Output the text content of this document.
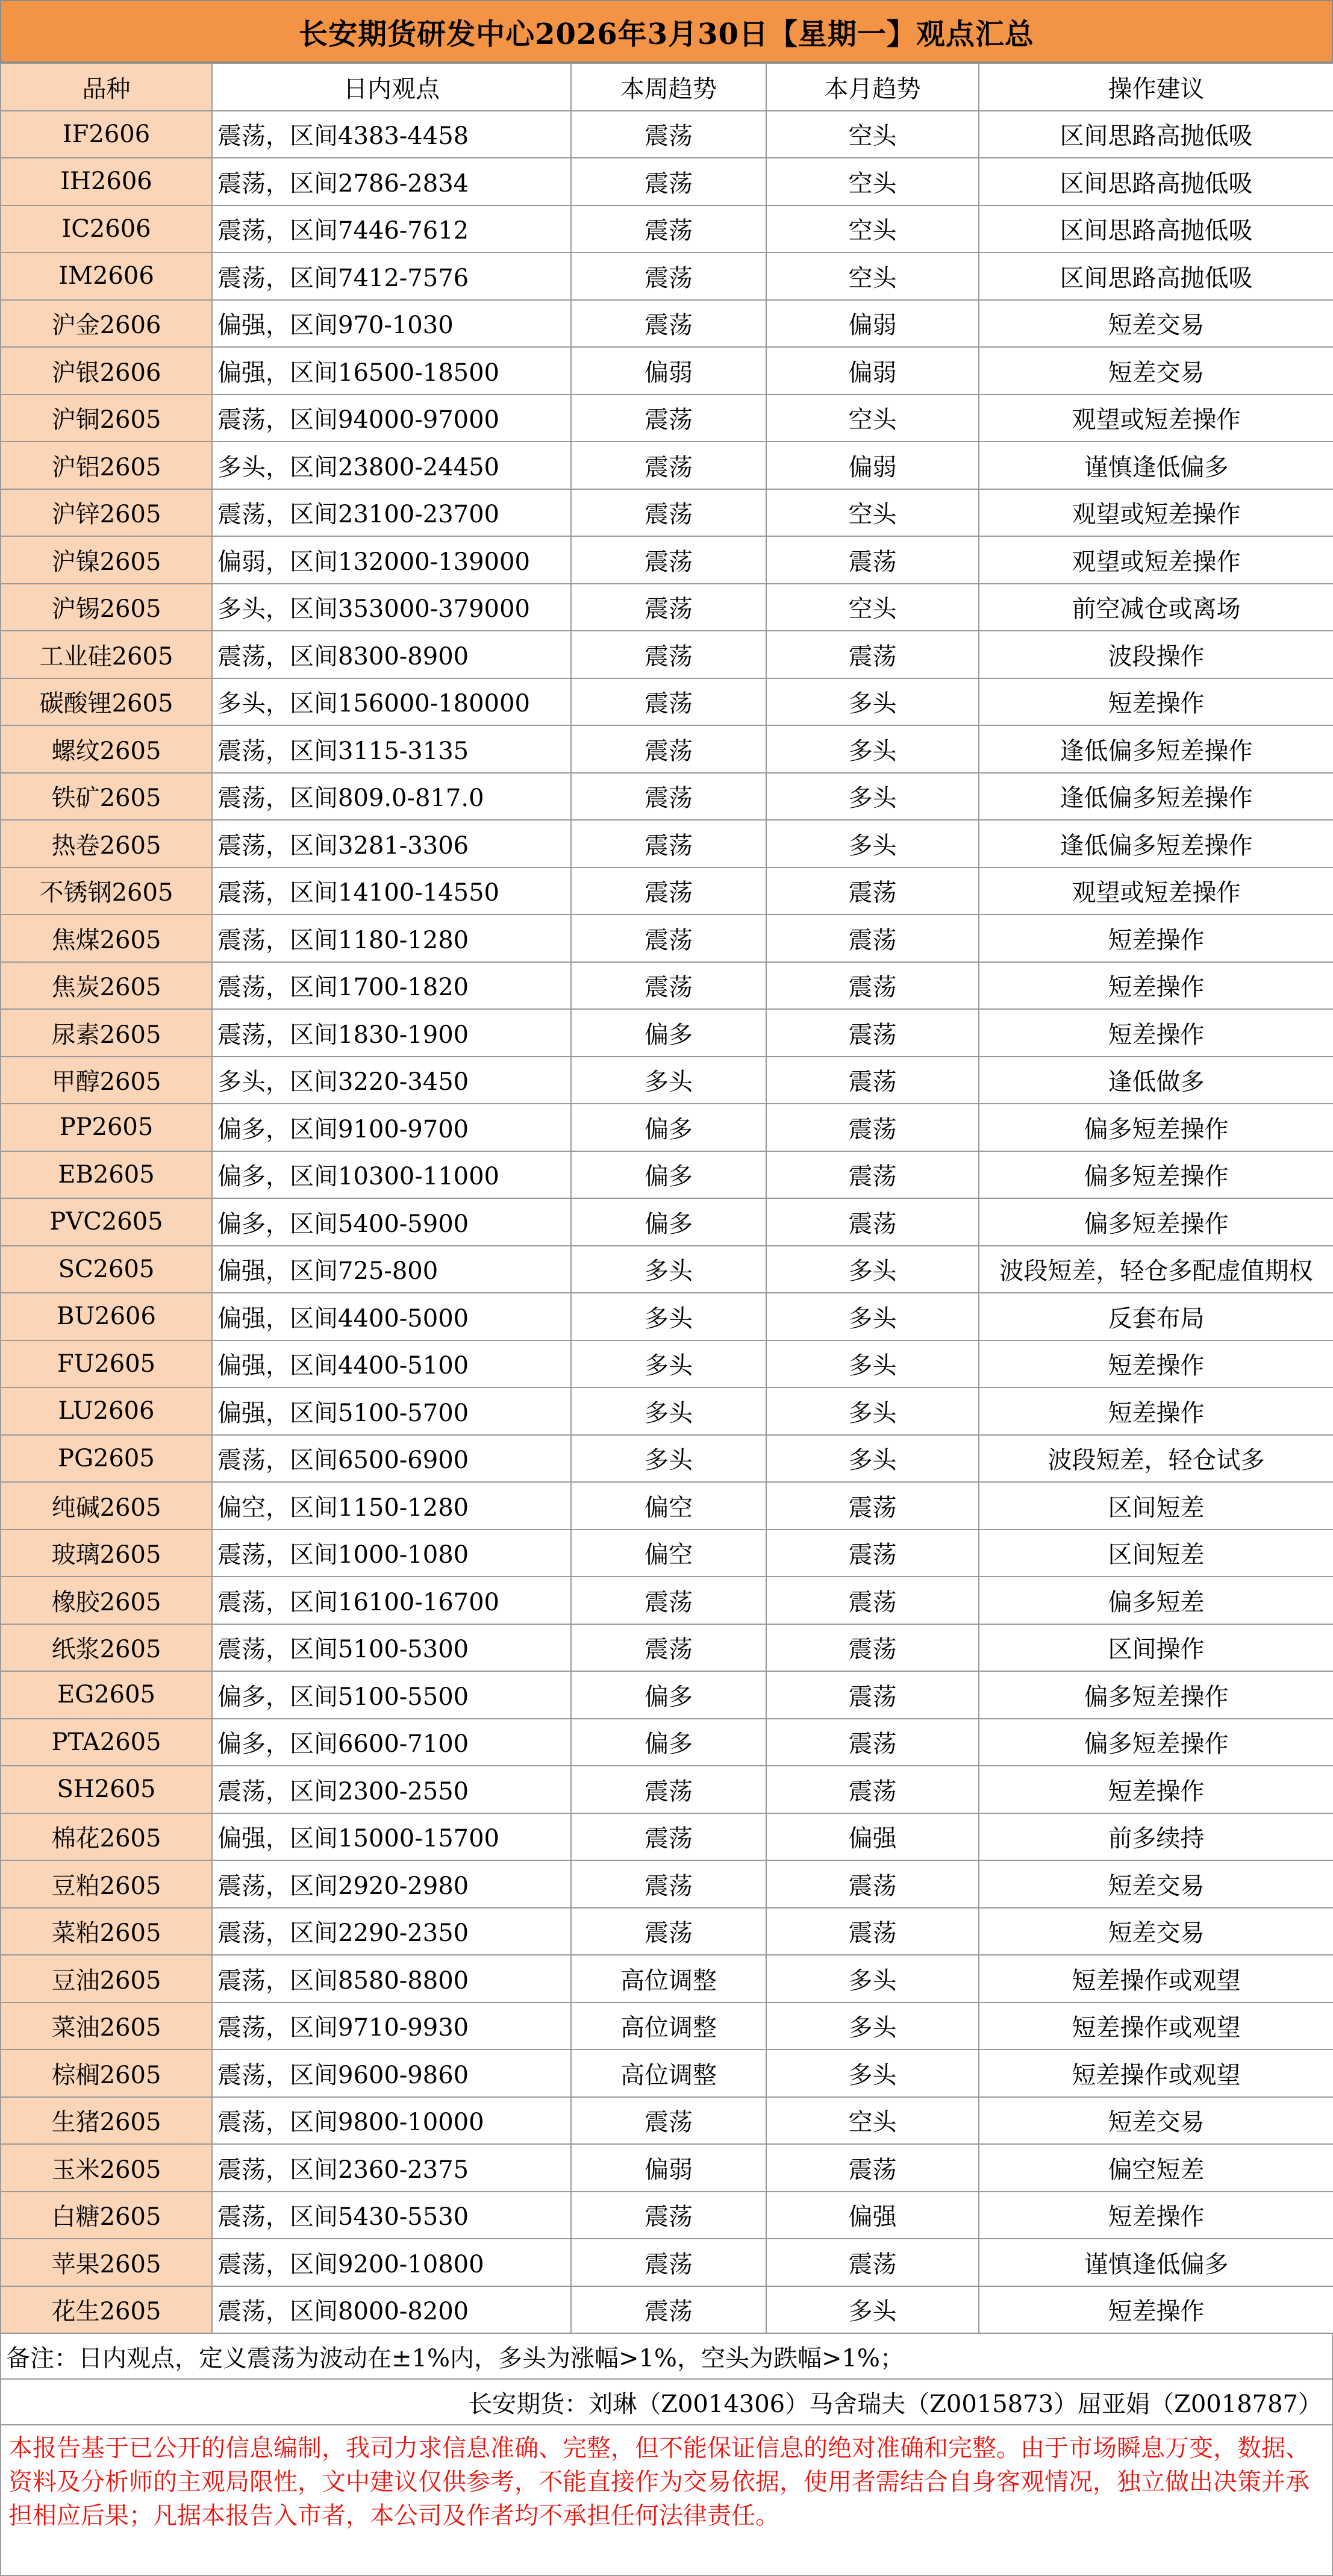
长安期货研发中心2026年3月30日【星期一】观点汇总
品种	日内观点	本周趋势	本月趋势	操作建议
IF2606	震荡，区间4383-4458	震荡	空头	区间思路高抛低吸
IH2606	震荡，区间2786-2834	震荡	空头	区间思路高抛低吸
IC2606	震荡，区间7446-7612	震荡	空头	区间思路高抛低吸
IM2606	震荡，区间7412-7576	震荡	空头	区间思路高抛低吸
沪金2606	偏强，区间970-1030	震荡	偏弱	短差交易
沪银2606	偏强，区间16500-18500	偏弱	偏弱	短差交易
沪铜2605	震荡，区间94000-97000	震荡	空头	观望或短差操作
沪铝2605	多头，区间23800-24450	震荡	偏弱	谨慎逢低偏多
沪锌2605	震荡，区间23100-23700	震荡	空头	观望或短差操作
沪镍2605	偏弱，区间132000-139000	震荡	震荡	观望或短差操作
沪锡2605	多头，区间353000-379000	震荡	空头	前空减仓或离场
工业硅2605	震荡，区间8300-8900	震荡	震荡	波段操作
碳酸锂2605	多头，区间156000-180000	震荡	多头	短差操作
螺纹2605	震荡，区间3115-3135	震荡	多头	逢低偏多短差操作
铁矿2605	震荡，区间809.0-817.0	震荡	多头	逢低偏多短差操作
热卷2605	震荡，区间3281-3306	震荡	多头	逢低偏多短差操作
不锈钢2605	震荡，区间14100-14550	震荡	震荡	观望或短差操作
焦煤2605	震荡，区间1180-1280	震荡	震荡	短差操作
焦炭2605	震荡，区间1700-1820	震荡	震荡	短差操作
尿素2605	震荡，区间1830-1900	偏多	震荡	短差操作
甲醇2605	多头，区间3220-3450	多头	震荡	逢低做多
PP2605	偏多，区间9100-9700	偏多	震荡	偏多短差操作
EB2605	偏多，区间10300-11000	偏多	震荡	偏多短差操作
PVC2605	偏多，区间5400-5900	偏多	震荡	偏多短差操作
SC2605	偏强，区间725-800	多头	多头	波段短差，轻仓多配虚值期权
BU2606	偏强，区间4400-5000	多头	多头	反套布局
FU2605	偏强，区间4400-5100	多头	多头	短差操作
LU2606	偏强，区间5100-5700	多头	多头	短差操作
PG2605	震荡，区间6500-6900	多头	多头	波段短差，轻仓试多
纯碱2605	偏空，区间1150-1280	偏空	震荡	区间短差
玻璃2605	震荡，区间1000-1080	偏空	震荡	区间短差
橡胶2605	震荡，区间16100-16700	震荡	震荡	偏多短差
纸浆2605	震荡，区间5100-5300	震荡	震荡	区间操作
EG2605	偏多，区间5100-5500	偏多	震荡	偏多短差操作
PTA2605	偏多，区间6600-7100	偏多	震荡	偏多短差操作
SH2605	震荡，区间2300-2550	震荡	震荡	短差操作
棉花2605	偏强，区间15000-15700	震荡	偏强	前多续持
豆粕2605	震荡，区间2920-2980	震荡	震荡	短差交易
菜粕2605	震荡，区间2290-2350	震荡	震荡	短差交易
豆油2605	震荡，区间8580-8800	高位调整	多头	短差操作或观望
菜油2605	震荡，区间9710-9930	高位调整	多头	短差操作或观望
棕榈2605	震荡，区间9600-9860	高位调整	多头	短差操作或观望
生猪2605	震荡，区间9800-10000	震荡	空头	短差交易
玉米2605	震荡，区间2360-2375	偏弱	震荡	偏空短差
白糖2605	震荡，区间5430-5530	震荡	偏强	短差操作
苹果2605	震荡，区间9200-10800	震荡	震荡	谨慎逢低偏多
花生2605	震荡，区间8000-8200	震荡	多头	短差操作
备注：日内观点，定义震荡为波动在±1%内，多头为涨幅>1%，空头为跌幅>1%；
长安期货：刘琳（Z0014306）马舍瑞夫（Z0015873）屈亚娟（Z0018787）
本报告基于已公开的信息编制，我司力求信息准确、完整，但不能保证信息的绝对准确和完整。由于市场瞬息万变，数据、资料及分析师的主观局限性，文中建议仅供参考，不能直接作为交易依据，使用者需结合自身客观情况，独立做出决策并承担相应后果；凡据本报告入市者，本公司及作者均不承担任何法律责任。
